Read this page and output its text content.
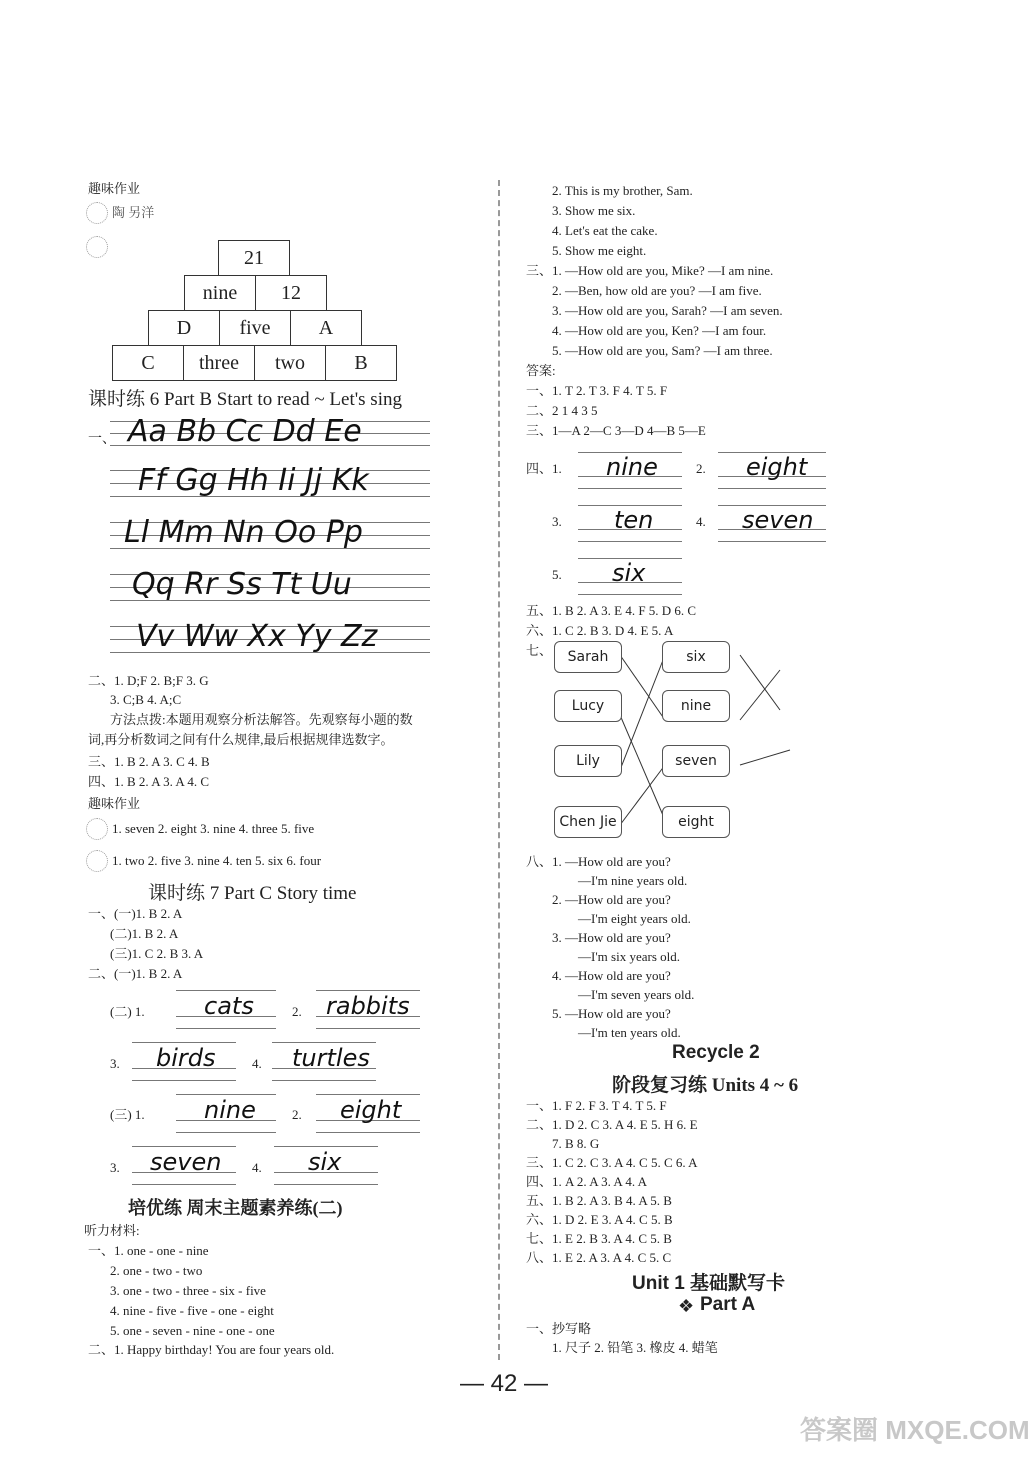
趣味作业
陶 另洋
21
nine	12
D	five	A
C	three	two	B
课时练 6 Part B Start to read ~ Let's sing
一、 Aa Bb Cc Dd Ee
Ff Gg Hh Ii Jj Kk
Ll Mm Nn Oo Pp
Qq Rr Ss Tt Uu
Vv Ww Xx Yy Zz
二、1. D;F 2. B;F 3. G
3. C;B 4. A;C
方法点拨:本题用观察分析法解答。先观察每小题的数
词,再分析数词之间有什么规律,最后根据规律选数字。
三、1. B 2. A 3. C 4. B
四、1. B 2. A 3. A 4. C
趣味作业
1. seven 2. eight 3. nine 4. three 5. five
1. two 2. five 3. nine 4. ten 5. six 6. four
课时练 7 Part C Story time
一、(一)1. B 2. A
(二)1. B 2. A
(三)1. C 2. B 3. A
二、(一)1. B 2. A
(二) 1. cats	2. rabbits
3. birds	4. turtles
(三) 1. nine	2. eight
3. seven 4. six
培优练 周末主题素养练(二)
听力材料:
一、1. one - one - nine
2. one - two - two
3. one - two - three - six - five
4. nine - five - five - one - eight
5. one - seven - nine - one - one
二、1. Happy birthday! You are four years old.
2. This is my brother, Sam.
3. Show me six.
4. Let's eat the cake.
5. Show me eight.
三、1. —How old are you, Mike? —I am nine.
2. —Ben, how old are you? —I am five.
3. —How old are you, Sarah? —I am seven.
4. —How old are you, Ken? —I am four.
5. —How old are you, Sam? —I am three.
答案:
一、1. T 2. T 3. F 4. T 5. F
二、2 1 4 3 5
三、1—A 2—C 3—D 4—B 5—E
四、1. nine	2. eight
3. ten	4. seven
5. six
五、1. B 2. A 3. E 4. F 5. D 6. C
六、1. C 2. B 3. D 4. E 5. A
七、	Sarah
Lucy
Lily
Chen Jie
six
nine
seven
eight
八、1. —How old are you?
—I'm nine years old.
2. —How old are you?
—I'm eight years old.
3. —How old are you?
—I'm six years old.
4. —How old are you?
—I'm seven years old.
5. —How old are you?
—I'm ten years old.
Recycle 2
阶段复习练 Units 4 ~ 6
一、1. F 2. F 3. T 4. T 5. F
二、1. D 2. C 3. A 4. E 5. H 6. E
7. B 8. G
三、1. C 2. C 3. A 4. C 5. C 6. A
四、1. A 2. A 3. A 4. A
五、1. B 2. A 3. B 4. A 5. B
六、1. D 2. E 3. A 4. C 5. B
七、1. E 2. B 3. A 4. C 5. B
八、1. E 2. A 3. A 4. C 5. C
Unit 1 基础默写卡
❖ Part A
一、抄写略
1. 尺子 2. 铅笔 3. 橡皮 4. 蜡笔
— 42 —
答案圈 MXQE.COM
